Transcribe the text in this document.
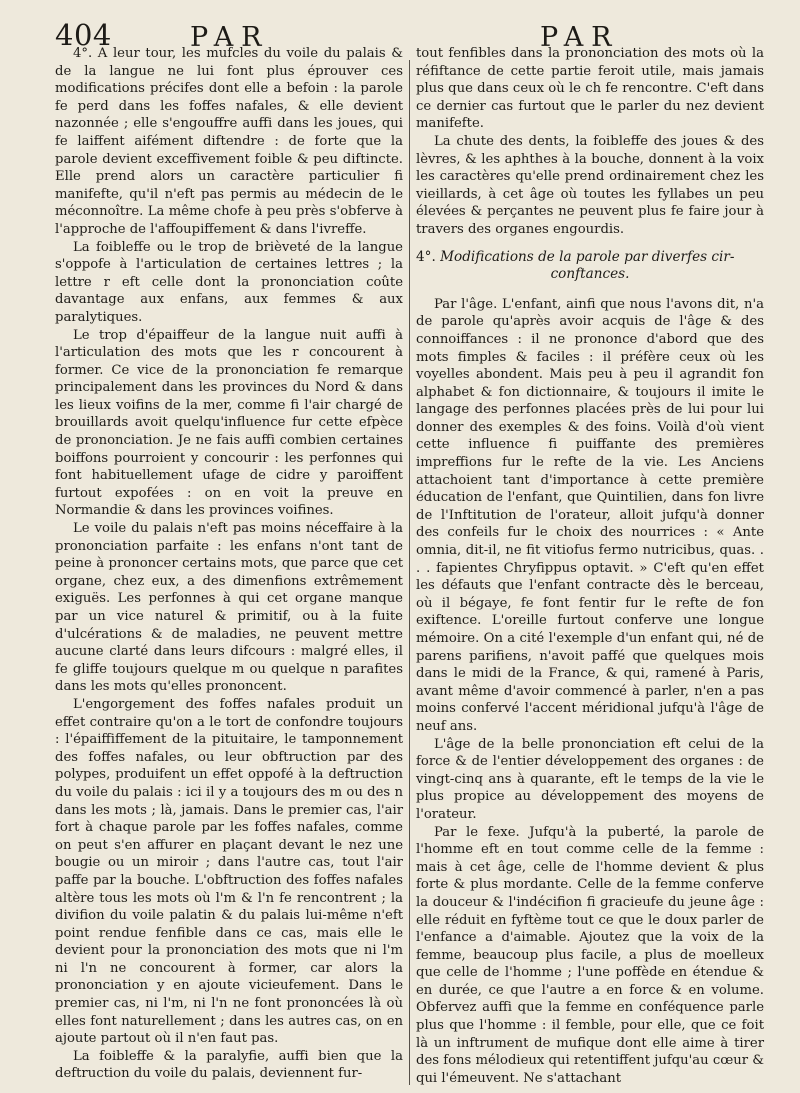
404	PAR	PAR

4°. A leur tour, les mufcles du voile du palais & de la langue ne lui font plus éprouver ces modifications précifes dont elle a befoin : la parole fe perd dans les foffes nafales, & elle devient nazonnée ; elle s'engouffre auffi dans les joues, qui fe laiffent aifément diftendre : de forte que la parole devient exceffivement foible & peu diftincte. Elle prend alors un caractère particulier fi manifefte, qu'il n'eft pas permis au médecin de le méconnoître. La même chofe à peu près s'obferve à l'approche de l'affoupiffement & dans l'ivreffe.

La foibleffe ou le trop de brièveté de la langue s'oppofe à l'articulation de certaines lettres ; la lettre r eft celle dont la prononciation coûte davantage aux enfans, aux femmes & aux paralytiques.

Le trop d'épaiffeur de la langue nuit auffi à l'articulation des mots que les r concourent à former. Ce vice de la prononciation fe remarque principalement dans les provinces du Nord & dans les lieux voifins de la mer, comme fi l'air chargé de brouillards avoit quelqu'influence fur cette efpèce de prononciation. Je ne fais auffi combien certaines boiffons pourroient y concourir : les perfonnes qui font habituellement ufage de cidre y paroiffent furtout expofées : on en voit la preuve en Normandie & dans les provinces voifines.

Le voile du palais n'eft pas moins néceffaire à la prononciation parfaite : les enfans n'ont tant de peine à prononcer certains mots, que parce que cet organe, chez eux, a des dimenfions extrêmement exiguës. Les perfonnes à qui cet organe manque par un vice naturel & primitif, ou à la fuite d'ulcérations & de maladies, ne peuvent mettre aucune clarté dans leurs difcours : malgré elles, il fe gliffe toujours quelque m ou quelque n parafites dans les mots qu'elles prononcent.

L'engorgement des foffes nafales produit un effet contraire qu'on a le tort de confondre toujours : l'épaiffiffement de la pituitaire, le tamponnement des foffes nafales, ou leur obftruction par des polypes, produifent un effet oppofé à la deftruction du voile du palais : ici il y a toujours des m ou des n dans les mots ; là, jamais. Dans le premier cas, l'air fort à chaque parole par les foffes nafales, comme on peut s'en affurer en plaçant devant le nez une bougie ou un miroir ; dans l'autre cas, tout l'air paffe par la bouche. L'obftruction des foffes nafales altère tous les mots où l'm & l'n fe rencontrent ; la divifion du voile palatin & du palais lui-même n'eft point rendue fenfible dans ce cas, mais elle le devient pour la prononciation des mots que ni l'm ni l'n ne concourent à former, car alors la prononciation y en ajoute vicieufement. Dans le premier cas, ni l'm, ni l'n ne font prononcées là où elles font naturellement ; dans les autres cas, on en ajoute partout où il n'en faut pas.

La foibleffe & la paralyfie, auffi bien que la deftruction du voile du palais, deviennent fur-

tout fenfibles dans la prononciation des mots où la réfiftance de cette partie feroit utile, mais jamais plus que dans ceux où le ch fe rencontre. C'eft dans ce dernier cas furtout que le parler du nez devient manifefte.

La chute des dents, la foibleffe des joues & des lèvres, & les aphthes à la bouche, donnent à la voix les caractères qu'elle prend ordinairement chez les vieillards, à cet âge où toutes les fyllabes un peu élevées & perçantes ne peuvent plus fe faire jour à travers des organes engourdis.

4°. Modifications de la parole par diverfes cir-
conftances.

Par l'âge. L'enfant, ainfi que nous l'avons dit, n'a de parole qu'après avoir acquis de l'âge & des connoiffances : il ne prononce d'abord que des mots fimples & faciles : il préfère ceux où les voyelles abondent. Mais peu à peu il agrandit fon alphabet & fon dictionnaire, & toujours il imite le langage des perfonnes placées près de lui pour lui donner des exemples & des foins. Voilà d'où vient cette influence fi puiffante des premières impreffions fur le refte de la vie. Les Anciens attachoient tant d'importance à cette première éducation de l'enfant, que Quintilien, dans fon livre de l'Inftitution de l'orateur, alloit jufqu'à donner des confeils fur le choix des nourrices : « Ante omnia, dit-il, ne fit vitiofus fermo nutricibus, quas. . . . fapientes Chryfippus optavit. » C'eft qu'en effet les défauts que l'enfant contracte dès le berceau, où il bégaye, fe font fentir fur le refte de fon exiftence. L'oreille furtout conferve une longue mémoire. On a cité l'exemple d'un enfant qui, né de parens parifiens, n'avoit paffé que quelques mois dans le midi de la France, & qui, ramené à Paris, avant même d'avoir commencé à parler, n'en a pas moins confervé l'accent méridional jufqu'à l'âge de neuf ans.

L'âge de la belle prononciation eft celui de la force & de l'entier développement des organes : de vingt-cinq ans à quarante, eft le temps de la vie le plus propice au développement des moyens de l'orateur.

Par le fexe. Jufqu'à la puberté, la parole de l'homme eft en tout comme celle de la femme : mais à cet âge, celle de l'homme devient & plus forte & plus mordante. Celle de la femme conferve la douceur & l'indécifion fi gracieufe du jeune âge : elle réduit en fyftème tout ce que le doux parler de l'enfance a d'aimable. Ajoutez que la voix de la femme, beaucoup plus facile, a plus de moelleux que celle de l'homme ; l'une poffède en étendue & en durée, ce que l'autre a en force & en volume. Obfervez auffi que la femme en conféquence parle plus que l'homme : il femble, pour elle, que ce foit là un inftrument de mufique dont elle aime à tirer des fons mélodieux qui retentiffent jufqu'au cœur & qui l'émeuvent. Ne s'attachant
